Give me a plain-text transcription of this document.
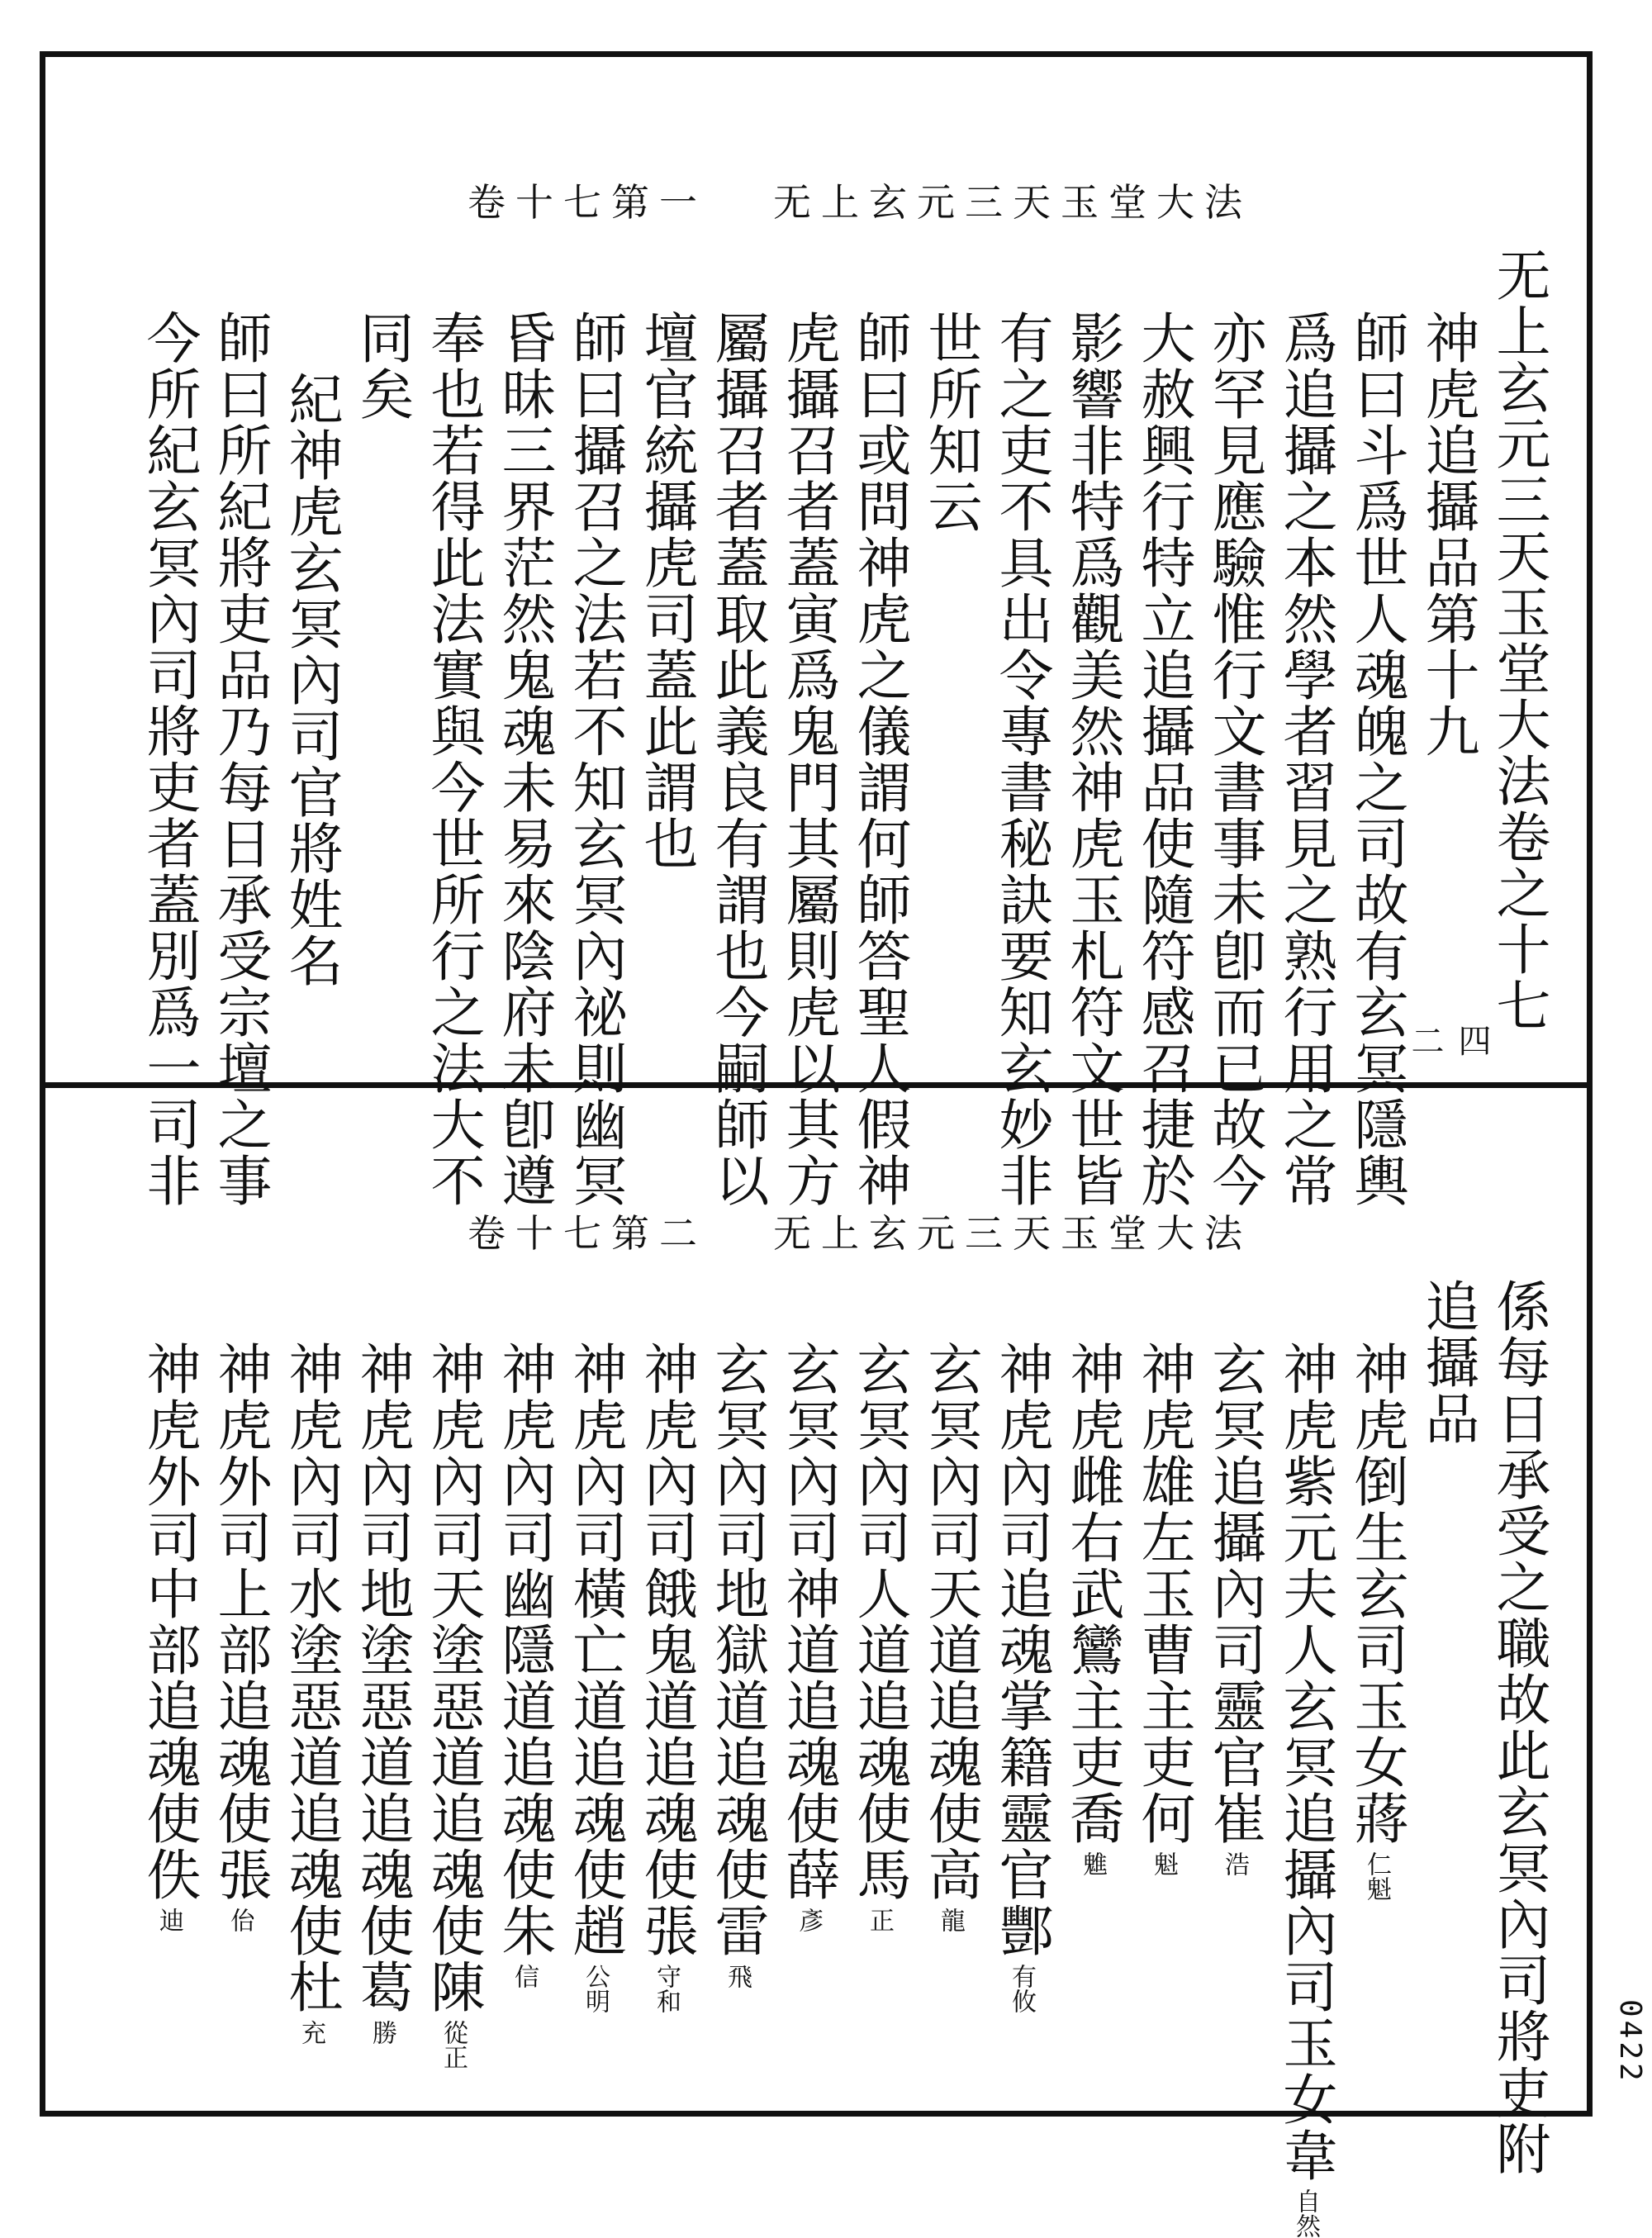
卷十七第一 无上玄元三天玉堂大法
无上玄元三天玉堂大法卷之十七
神虎追攝品第十九
師曰斗爲世人魂魄之司故有玄冥隱輿
爲追攝之本然學者習見之熟行用之常
亦罕見應驗惟行文書事未卽而已故今
大赦興行特立追攝品使隨符感召捷於
影響非特爲觀美然神虎玉札符文世皆
有之吏不具出令專書秘訣要知玄妙非
世所知云
師曰或問神虎之儀謂何師答聖人假神
虎攝召者蓋寅爲鬼門其屬則虎以其方
屬攝召者蓋取此義良有謂也今嗣師以
壇官統攝虎司蓋此謂也
師曰攝召之法若不知玄冥內祕則幽冥
昏昧三界茫然鬼魂未易來陰府未卽遵
奉也若得此法實與今世所行之法大不
同矣
紀神虎玄冥內司官將姓名
師曰所紀將吏品乃每日承受宗壇之事
今所紀玄冥內司將吏者蓋別爲一司非	四二
卷十七第二 无上玄元三天玉堂大法
係每日承受之職故此玄冥內司將吏附
追攝品
神虎倒生玄司玉女蔣仁魁
神虎紫元夫人玄冥追攝內司玉女韋自然
玄冥追攝內司靈官崔浩
神虎雄左玉曹主吏何魁
神虎雌右武鸞主吏喬魋
神虎內司追魂掌籍靈官酆有攸
玄冥內司天道追魂使高龍
玄冥內司人道追魂使馬正
玄冥內司神道追魂使薛彥
玄冥內司地獄道追魂使雷飛
神虎內司餓鬼道追魂使張守和
神虎內司橫亡道追魂使趙公明
神虎內司幽隱道追魂使朱信
神虎內司天塗惡道追魂使陳從正
神虎內司地塗惡道追魂使葛勝
神虎內司水塗惡道追魂使杜充
神虎外司上部追魂使張佁
神虎外司中部追魂使佚迪
0422
